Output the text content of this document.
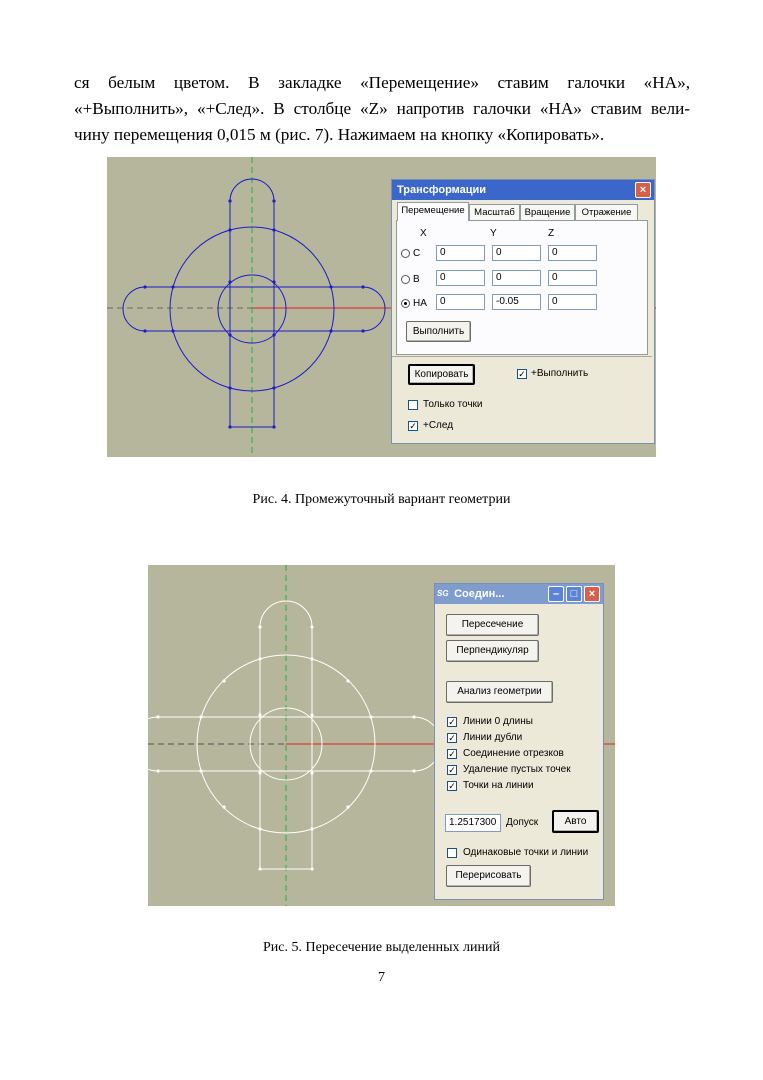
ся белым цветом. В закладке «Перемещение» ставим галочки «НА»,
«+Выполнить», «+След». В столбце «Z» напротив галочки «НА» ставим вели-
чину перемещения 0,015 м (рис. 7). Нажимаем на кнопку «Копировать».
Трансформации	×
Перемещение	Масштаб	Вращение	Отражение
X	Y	Z
С	0	0	0
В	0	0	0
НА	0	-0.05	0
Выполнить
Копировать	✓ +Выполнить
Только точки
✓ +След
Рис. 4. Промежуточный вариант геометрии
SG Соедин...	–	□	×
Пересечение
Перпендикуляр
Анализ геометрии
✓ Линии 0 длины
✓ Линии дубли
✓ Соединение отрезков
✓ Удаление пустых точек
✓ Точки на линии
1.2517300 Допуск	Авто
Одинаковые точки и линии
Перерисовать
Рис. 5. Пересечение выделенных линий
7
